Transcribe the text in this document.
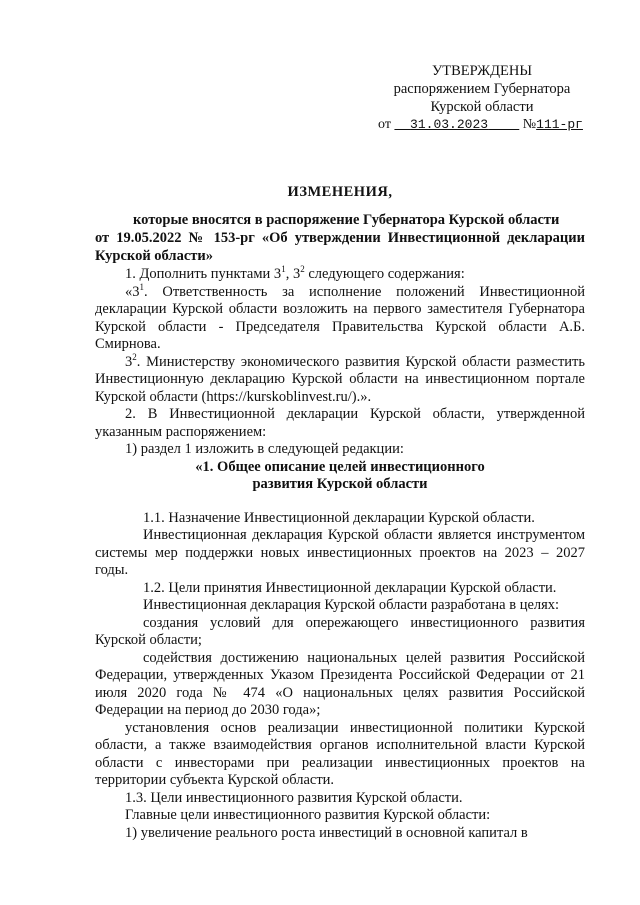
УТВЕРЖДЕНЫ
распоряжением Губернатора
Курской области
от 31.03.2023 №111-рг
ИЗМЕНЕНИЯ,
которые вносятся в распоряжение Губернатора Курской области
от 19.05.2022 № 153-рг «Об утверждении Инвестиционной декларации Курской области»

1. Дополнить пунктами $3^1$, $3^2$ следующего содержания:

«$3^1$. Ответственность за исполнение положений Инвестиционной декларации Курской области возложить на первого заместителя Губернатора Курской области - Председателя Правительства Курской области А.Б. Смирнова.

$3^2$. Министерству экономического развития Курской области разместить Инвестиционную декларацию Курской области на инвестиционном портале Курской области (https://kurskoblinvest.ru/).».

2. В Инвестиционной декларации Курской области, утвержденной указанным распоряжением:

1) раздел 1 изложить в следующей редакции:

«1. Общее описание целей инвестиционного

развития Курской области

1.1. Назначение Инвестиционной декларации Курской области.

Инвестиционная декларация Курской области является инструментом системы мер поддержки новых инвестиционных проектов на 2023 – 2027 годы.

1.2. Цели принятия Инвестиционной декларации Курской области.

Инвестиционная декларация Курской области разработана в целях:

создания условий для опережающего инвестиционного развития Курской области;

содействия достижению национальных целей развития Российской Федерации, утвержденных Указом Президента Российской Федерации от 21 июля 2020 года № 474 «О национальных целях развития Российской Федерации на период до 2030 года»;

установления основ реализации инвестиционной политики Курской области, а также взаимодействия органов исполнительной власти Курской области с инвесторами при реализации инвестиционных проектов на территории субъекта Курской области.

1.3. Цели инвестиционного развития Курской области.

Главные цели инвестиционного развития Курской области:

1) увеличение реального роста инвестиций в основной капитал в
